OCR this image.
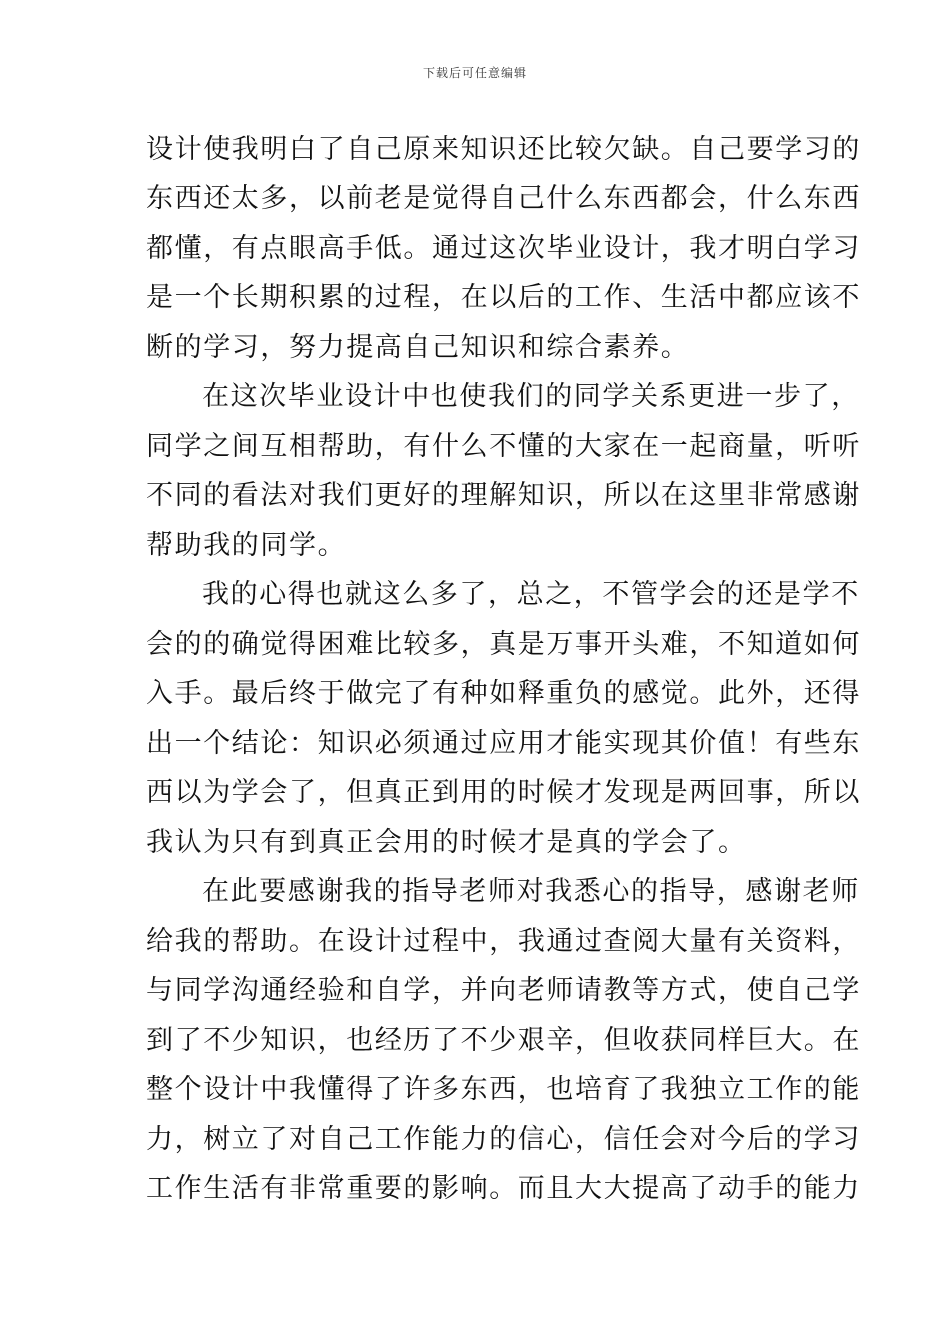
下载后可任意编辑
设计使我明白了自己原来知识还比较欠缺。自己要学习的
东西还太多，以前老是觉得自己什么东西都会，什么东西
都懂，有点眼高手低。通过这次毕业设计，我才明白学习
是一个长期积累的过程，在以后的工作、生活中都应该不
断的学习，努力提高自己知识和综合素养。
在这次毕业设计中也使我们的同学关系更进一步了，
同学之间互相帮助，有什么不懂的大家在一起商量，听听
不同的看法对我们更好的理解知识，所以在这里非常感谢
帮助我的同学。
我的心得也就这么多了，总之，不管学会的还是学不
会的的确觉得困难比较多，真是万事开头难，不知道如何
入手。最后终于做完了有种如释重负的感觉。此外，还得
出一个结论：知识必须通过应用才能实现其价值！有些东
西以为学会了，但真正到用的时候才发现是两回事，所以
我认为只有到真正会用的时候才是真的学会了。
在此要感谢我的指导老师对我悉心的指导，感谢老师
给我的帮助。在设计过程中，我通过查阅大量有关资料，
与同学沟通经验和自学，并向老师请教等方式，使自己学
到了不少知识，也经历了不少艰辛，但收获同样巨大。在
整个设计中我懂得了许多东西，也培育了我独立工作的能
力，树立了对自己工作能力的信心，信任会对今后的学习
工作生活有非常重要的影响。而且大大提高了动手的能力
